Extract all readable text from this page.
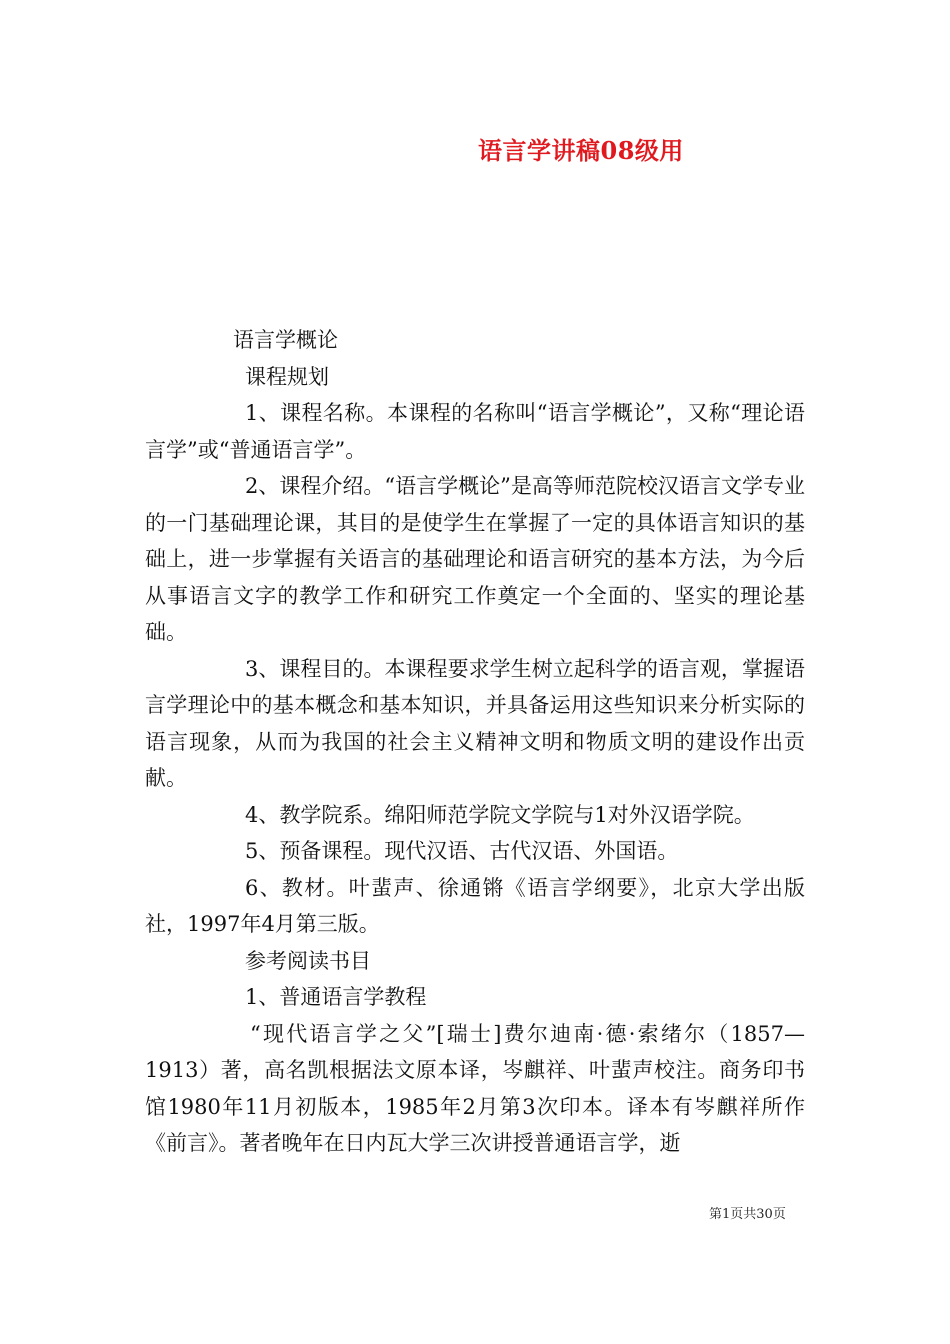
语言学讲稿08级用

语言学概论

课程规划

1、课程名称。本课程的名称叫“语言学概论”，又称“理论语言学”或“普通语言学”。

2、课程介绍。“语言学概论”是高等师范院校汉语言文学专业的一门基础理论课，其目的是使学生在掌握了一定的具体语言知识的基础上，进一步掌握有关语言的基础理论和语言研究的基本方法，为今后从事语言文字的教学工作和研究工作奠定一个全面的、坚实的理论基础。

3、课程目的。本课程要求学生树立起科学的语言观，掌握语言学理论中的基本概念和基本知识，并具备运用这些知识来分析实际的语言现象，从而为我国的社会主义精神文明和物质文明的建设作出贡献。

4、教学院系。绵阳师范学院文学院与1对外汉语学院。

5、预备课程。现代汉语、古代汉语、外国语。

6、教材。叶蜚声、徐通锵《语言学纲要》，北京大学出版社，1997年4月第三版。

参考阅读书目

1、普通语言学教程

“现代语言学之父”[瑞士]费尔迪南·德·索绪尔（1857—1913）著，高名凯根据法文原本译，岑麒祥、叶蜚声校注。商务印书馆1980年11月初版本，1985年2月第3次印本。译本有岑麒祥所作《前言》。著者晚年在日内瓦大学三次讲授普通语言学，逝

第1页共30页
